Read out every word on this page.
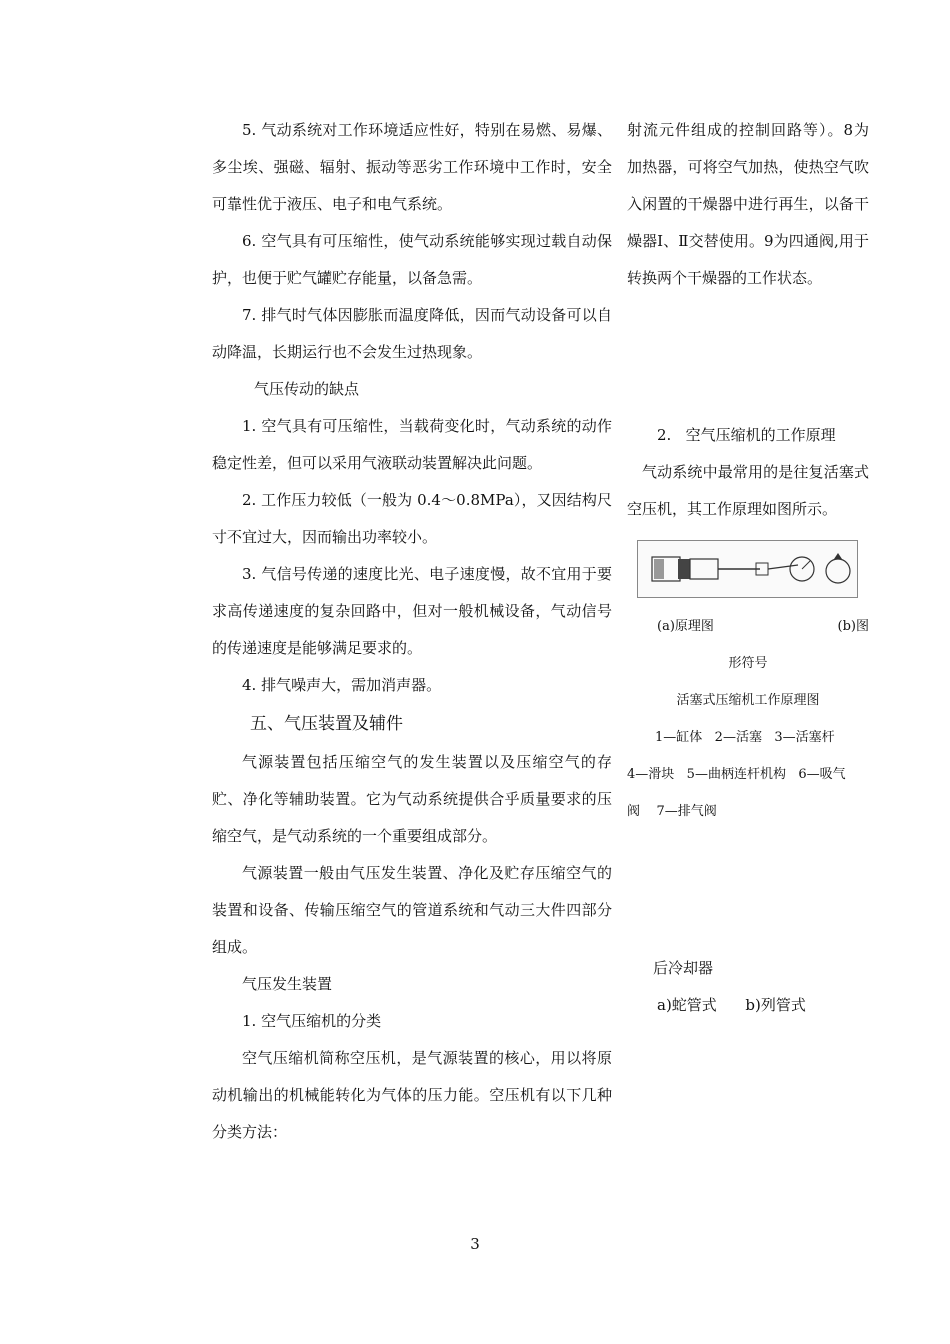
5. 气动系统对工作环境适应性好，特别在易燃、易爆、多尘埃、强磁、辐射、振动等恶劣工作环境中工作时，安全可靠性优于液压、电子和电气系统。

6. 空气具有可压缩性，使气动系统能够实现过载自动保护，也便于贮气罐贮存能量，以备急需。

7. 排气时气体因膨胀而温度降低，因而气动设备可以自动降温，长期运行也不会发生过热现象。

气压传动的缺点

1. 空气具有可压缩性，当载荷变化时，气动系统的动作稳定性差，但可以采用气液联动装置解决此问题。

2. 工作压力较低（一般为 0.4～0.8MPa），又因结构尺寸不宜过大，因而输出功率较小。

3. 气信号传递的速度比光、电子速度慢，故不宜用于要求高传递速度的复杂回路中，但对一般机械设备，气动信号的传递速度是能够满足要求的。

4. 排气噪声大，需加消声器。

五、气压装置及辅件

气源装置包括压缩空气的发生装置以及压缩空气的存贮、净化等辅助装置。它为气动系统提供合乎质量要求的压缩空气，是气动系统的一个重要组成部分。

气源装置一般由气压发生装置、净化及贮存压缩空气的装置和设备、传输压缩空气的管道系统和气动三大件四部分组成。

气压发生装置

1. 空气压缩机的分类

空气压缩机简称空压机，是气源装置的核心，用以将原动机输出的机械能转化为气体的压力能。空压机有以下几种分类方法：

射流元件组成的控制回路等）。8为加热器，可将空气加热，使热空气吹入闲置的干燥器中进行再生，以备干燥器Ⅰ、Ⅱ交替使用。9为四通阀,用于转换两个干燥器的工作状态。

2.   空气压缩机的工作原理

气动系统中最常用的是往复活塞式空压机，其工作原理如图所示。

(a)原理图	(b)图

形符号

活塞式压缩机工作原理图

1—缸体   2—活塞   3—活塞杆

4—滑块   5—曲柄连杆机构   6—吸气阀    7—排气阀

后冷却器

a)蛇管式      b)列管式

3
